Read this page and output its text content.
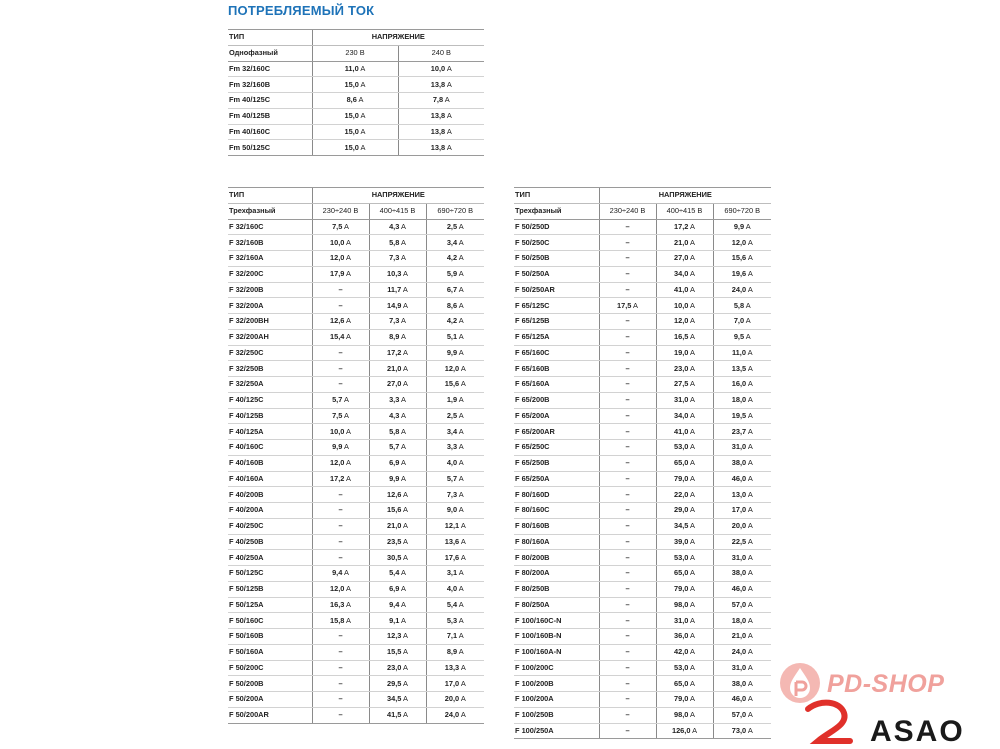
ПОТРЕБЛЯЕМЫЙ ТОК
ТИП	НАПРЯЖЕНИЕ	
Однофазный	230 В	240 В
Fm 32/160C	11,0 A	10,0 A
Fm 32/160B	15,0 A	13,8 A
Fm 40/125C	8,6 A	7,8 A
Fm 40/125B	15,0 A	13,8 A
Fm 40/160C	15,0 A	13,8 A
Fm 50/125C	15,0 A	13,8 A
ТИП	НАПРЯЖЕНИЕ		
Трехфазный	230÷240 В	400÷415 В	690÷720 В
F 32/160C	7,5 A	4,3 A	2,5 A
F 32/160B	10,0 A	5,8 A	3,4 A
F 32/160A	12,0 A	7,3 A	4,2 A
F 32/200C	17,9 A	10,3 A	5,9 A
F 32/200B	–	11,7 A	6,7 A
F 32/200A	–	14,9 A	8,6 A
F 32/200BH	12,6 A	7,3 A	4,2 A
F 32/200AH	15,4 A	8,9 A	5,1 A
F 32/250C	–	17,2 A	9,9 A
F 32/250B	–	21,0 A	12,0 A
F 32/250A	–	27,0 A	15,6 A
F 40/125C	5,7 A	3,3 A	1,9 A
F 40/125B	7,5 A	4,3 A	2,5 A
F 40/125A	10,0 A	5,8 A	3,4 A
F 40/160C	9,9 A	5,7 A	3,3 A
F 40/160B	12,0 A	6,9 A	4,0 A
F 40/160A	17,2 A	9,9 A	5,7 A
F 40/200B	–	12,6 A	7,3 A
F 40/200A	–	15,6 A	9,0 A
F 40/250C	–	21,0 A	12,1 A
F 40/250B	–	23,5 A	13,6 A
F 40/250A	–	30,5 A	17,6 A
F 50/125C	9,4 A	5,4 A	3,1 A
F 50/125B	12,0 A	6,9 A	4,0 A
F 50/125A	16,3 A	9,4 A	5,4 A
F 50/160C	15,8 A	9,1 A	5,3 A
F 50/160B	–	12,3 A	7,1 A
F 50/160A	–	15,5 A	8,9 A
F 50/200C	–	23,0 A	13,3 A
F 50/200B	–	29,5 A	17,0 A
F 50/200A	–	34,5 A	20,0 A
F 50/200AR	–	41,5 A	24,0 A
ТИП	НАПРЯЖЕНИЕ		
Трехфазный	230÷240 В	400÷415 В	690÷720 В
F 50/250D	–	17,2 A	9,9 A
F 50/250C	–	21,0 A	12,0 A
F 50/250B	–	27,0 A	15,6 A
F 50/250A	–	34,0 A	19,6 A
F 50/250AR	–	41,0 A	24,0 A
F 65/125C	17,5 A	10,0 A	5,8 A
F 65/125B	–	12,0 A	7,0 A
F 65/125A	–	16,5 A	9,5 A
F 65/160C	–	19,0 A	11,0 A
F 65/160B	–	23,0 A	13,5 A
F 65/160A	–	27,5 A	16,0 A
F 65/200B	–	31,0 A	18,0 A
F 65/200A	–	34,0 A	19,5 A
F 65/200AR	–	41,0 A	23,7 A
F 65/250C	–	53,0 A	31,0 A
F 65/250B	–	65,0 A	38,0 A
F 65/250A	–	79,0 A	46,0 A
F 80/160D	–	22,0 A	13,0 A
F 80/160C	–	29,0 A	17,0 A
F 80/160B	–	34,5 A	20,0 A
F 80/160A	–	39,0 A	22,5 A
F 80/200B	–	53,0 A	31,0 A
F 80/200A	–	65,0 A	38,0 A
F 80/250B	–	79,0 A	46,0 A
F 80/250A	–	98,0 A	57,0 A
F 100/160C-N	–	31,0 A	18,0 A
F 100/160B-N	–	36,0 A	21,0 A
F 100/160A-N	–	42,0 A	24,0 A
F 100/200C	–	53,0 A	31,0 A
F 100/200B	–	65,0 A	38,0 A
F 100/200A	–	79,0 A	46,0 A
F 100/250B	–	98,0 A	57,0 A
F 100/250A	–	126,0 A	73,0 A
PD-SHOP
ASAO
